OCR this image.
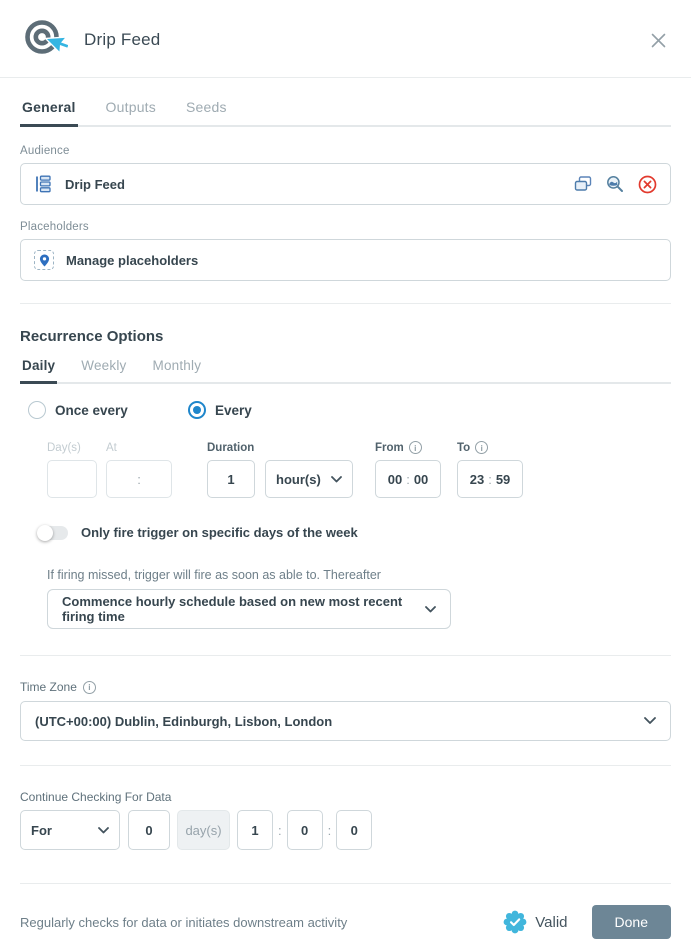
Drip Feed
General Outputs Seeds
Audience
Drip Feed
Placeholders
Manage placeholders
Recurrence Options
Daily Weekly Monthly
Once every	Every
Day(s)	At
:
Duration
1

hour(s)
From
i
00 : 00
To
i
23 : 59
Only fire trigger on specific days of the week
If firing missed, trigger will fire as soon as able to. Thereafter
Commence hourly schedule based on new most recent firing time
Time Zone
i
(UTC+00:00) Dublin, Edinburgh, Lisbon, London
Continue Checking For Data
For
0	day(s)
1	:
0	:
0
Regularly checks for data or initiates downstream activity	Valid	Done
